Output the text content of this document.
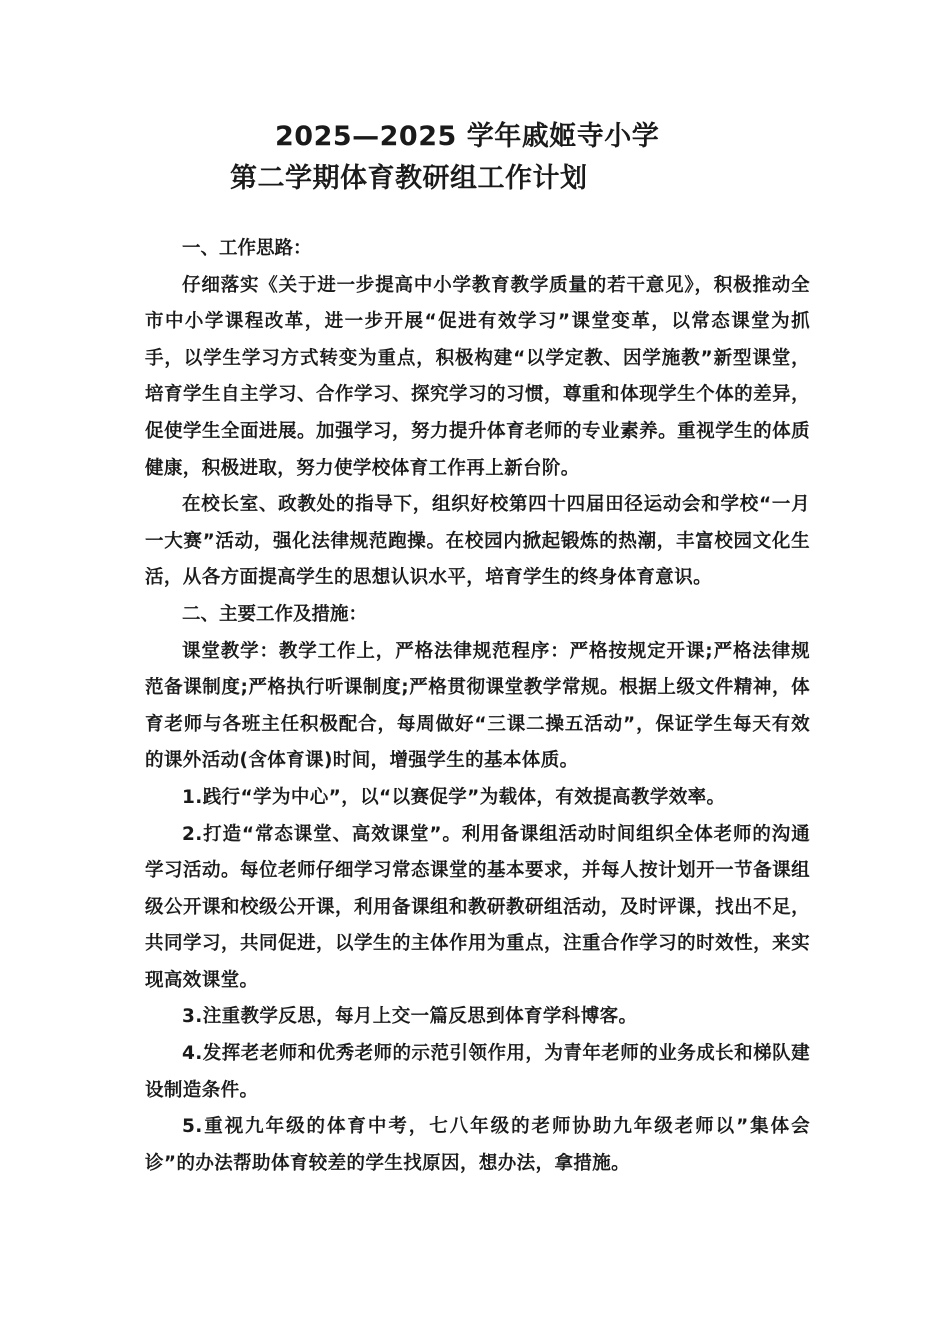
2025—2025 学年戚姬寺小学
第二学期体育教研组工作计划

一、工作思路：

仔细落实《关于进一步提高中小学教育教学质量的若干意见》，积极推动全市中小学课程改革，进一步开展“促进有效学习”课堂变革，以常态课堂为抓手，以学生学习方式转变为重点，积极构建“以学定教、因学施教”新型课堂，培育学生自主学习、合作学习、探究学习的习惯，尊重和体现学生个体的差异，促使学生全面进展。加强学习，努力提升体育老师的专业素养。重视学生的体质健康，积极进取，努力使学校体育工作再上新台阶。

在校长室、政教处的指导下，组织好校第四十四届田径运动会和学校“一月一大赛”活动，强化法律规范跑操。在校园内掀起锻炼的热潮，丰富校园文化生活，从各方面提高学生的思想认识水平，培育学生的终身体育意识。

二、主要工作及措施：

课堂教学：教学工作上，严格法律规范程序：严格按规定开课;严格法律规范备课制度;严格执行听课制度;严格贯彻课堂教学常规。根据上级文件精神，体育老师与各班主任积极配合，每周做好“三课二操五活动”，保证学生每天有效的课外活动(含体育课)时间，增强学生的基本体质。

1.践行“学为中心”，以“以赛促学”为载体，有效提高教学效率。

2.打造“常态课堂、高效课堂”。利用备课组活动时间组织全体老师的沟通学习活动。每位老师仔细学习常态课堂的基本要求，并每人按计划开一节备课组级公开课和校级公开课，利用备课组和教研教研组活动，及时评课，找出不足，共同学习，共同促进，以学生的主体作用为重点，注重合作学习的时效性，来实现高效课堂。

3.注重教学反思，每月上交一篇反思到体育学科博客。

4.发挥老老师和优秀老师的示范引领作用，为青年老师的业务成长和梯队建设制造条件。

5.重视九年级的体育中考，七八年级的老师协助九年级老师以”集体会诊”的办法帮助体育较差的学生找原因，想办法，拿措施。
